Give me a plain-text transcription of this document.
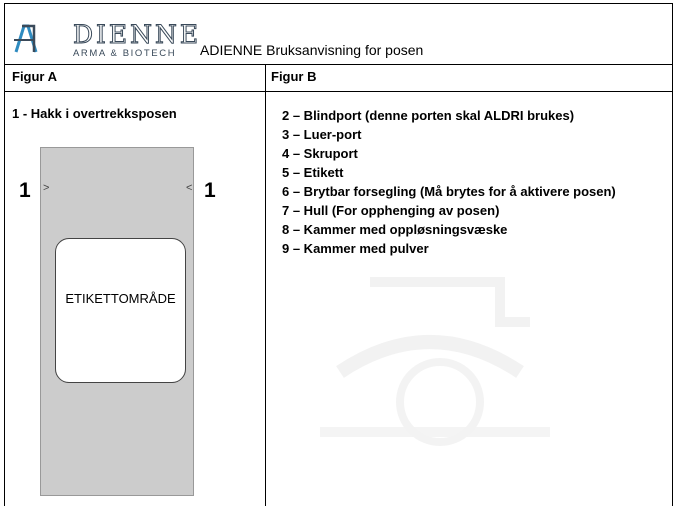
DIENNE
ARMA & BIOTECH	ADIENNE Bruksanvisning for posen
Figur A	Figur B
1 - Hakk i overtrekksposen
>	<
1	1
ETIKETTOMRÅDE
2 – Blindport (denne porten skal ALDRI brukes)
3 – Luer-port
4 – Skruport
5 – Etikett
6 – Brytbar forsegling (Må brytes for å aktivere posen)
7 – Hull (For opphenging av posen)
8 – Kammer med oppløsningsvæske
9 – Kammer med pulver
